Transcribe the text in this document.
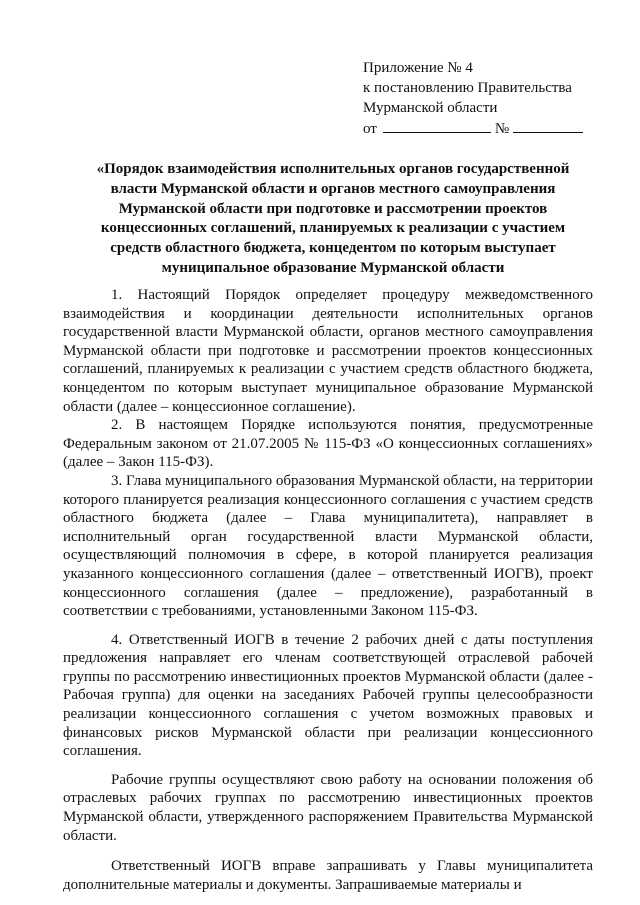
Приложение № 4
к постановлению Правительства
Мурманской области
от	№
«Порядок взаимодействия исполнительных органов государственной власти Мурманской области и органов местного самоуправления Мурманской области при подготовке и рассмотрении проектов концессионных соглашений, планируемых к реализации с участием средств областного бюджета, концедентом по которым выступает муниципальное образование Мурманской области

1. Настоящий Порядок определяет процедуру межведомственного взаимодействия и координации деятельности исполнительных органов государственной власти Мурманской области, органов местного самоуправления Мурманской области при подготовке и рассмотрении проектов концессионных соглашений, планируемых к реализации с участием средств областного бюджета, концедентом по которым выступает муниципальное образование Мурманской области (далее – концессионное соглашение).

2. В настоящем Порядке используются понятия, предусмотренные Федеральным законом от 21.07.2005 № 115-ФЗ «О концессионных соглашениях» (далее – Закон 115-ФЗ).

3. Глава муниципального образования Мурманской области, на территории которого планируется реализация концессионного соглашения с участием средств областного бюджета (далее – Глава муниципалитета), направляет в исполнительный орган государственной власти Мурманской области, осуществляющий полномочия в сфере, в которой планируется реализация указанного концессионного соглашения (далее – ответственный ИОГВ), проект концессионного соглашения (далее – предложение), разработанный в соответствии с требованиями, установленными Законом 115-ФЗ.

4. Ответственный ИОГВ в течение 2 рабочих дней с даты поступления предложения направляет его членам соответствующей отраслевой рабочей группы по рассмотрению инвестиционных проектов Мурманской области (далее - Рабочая группа) для оценки на заседаниях Рабочей группы целесообразности реализации концессионного соглашения с учетом возможных правовых и финансовых рисков Мурманской области при реализации концессионного соглашения.

Рабочие группы осуществляют свою работу на основании положения об отраслевых рабочих группах по рассмотрению инвестиционных проектов Мурманской области, утвержденного распоряжением Правительства Мурманской области.

Ответственный ИОГВ вправе запрашивать у Главы муниципалитета дополнительные материалы и документы. Запрашиваемые материалы и
